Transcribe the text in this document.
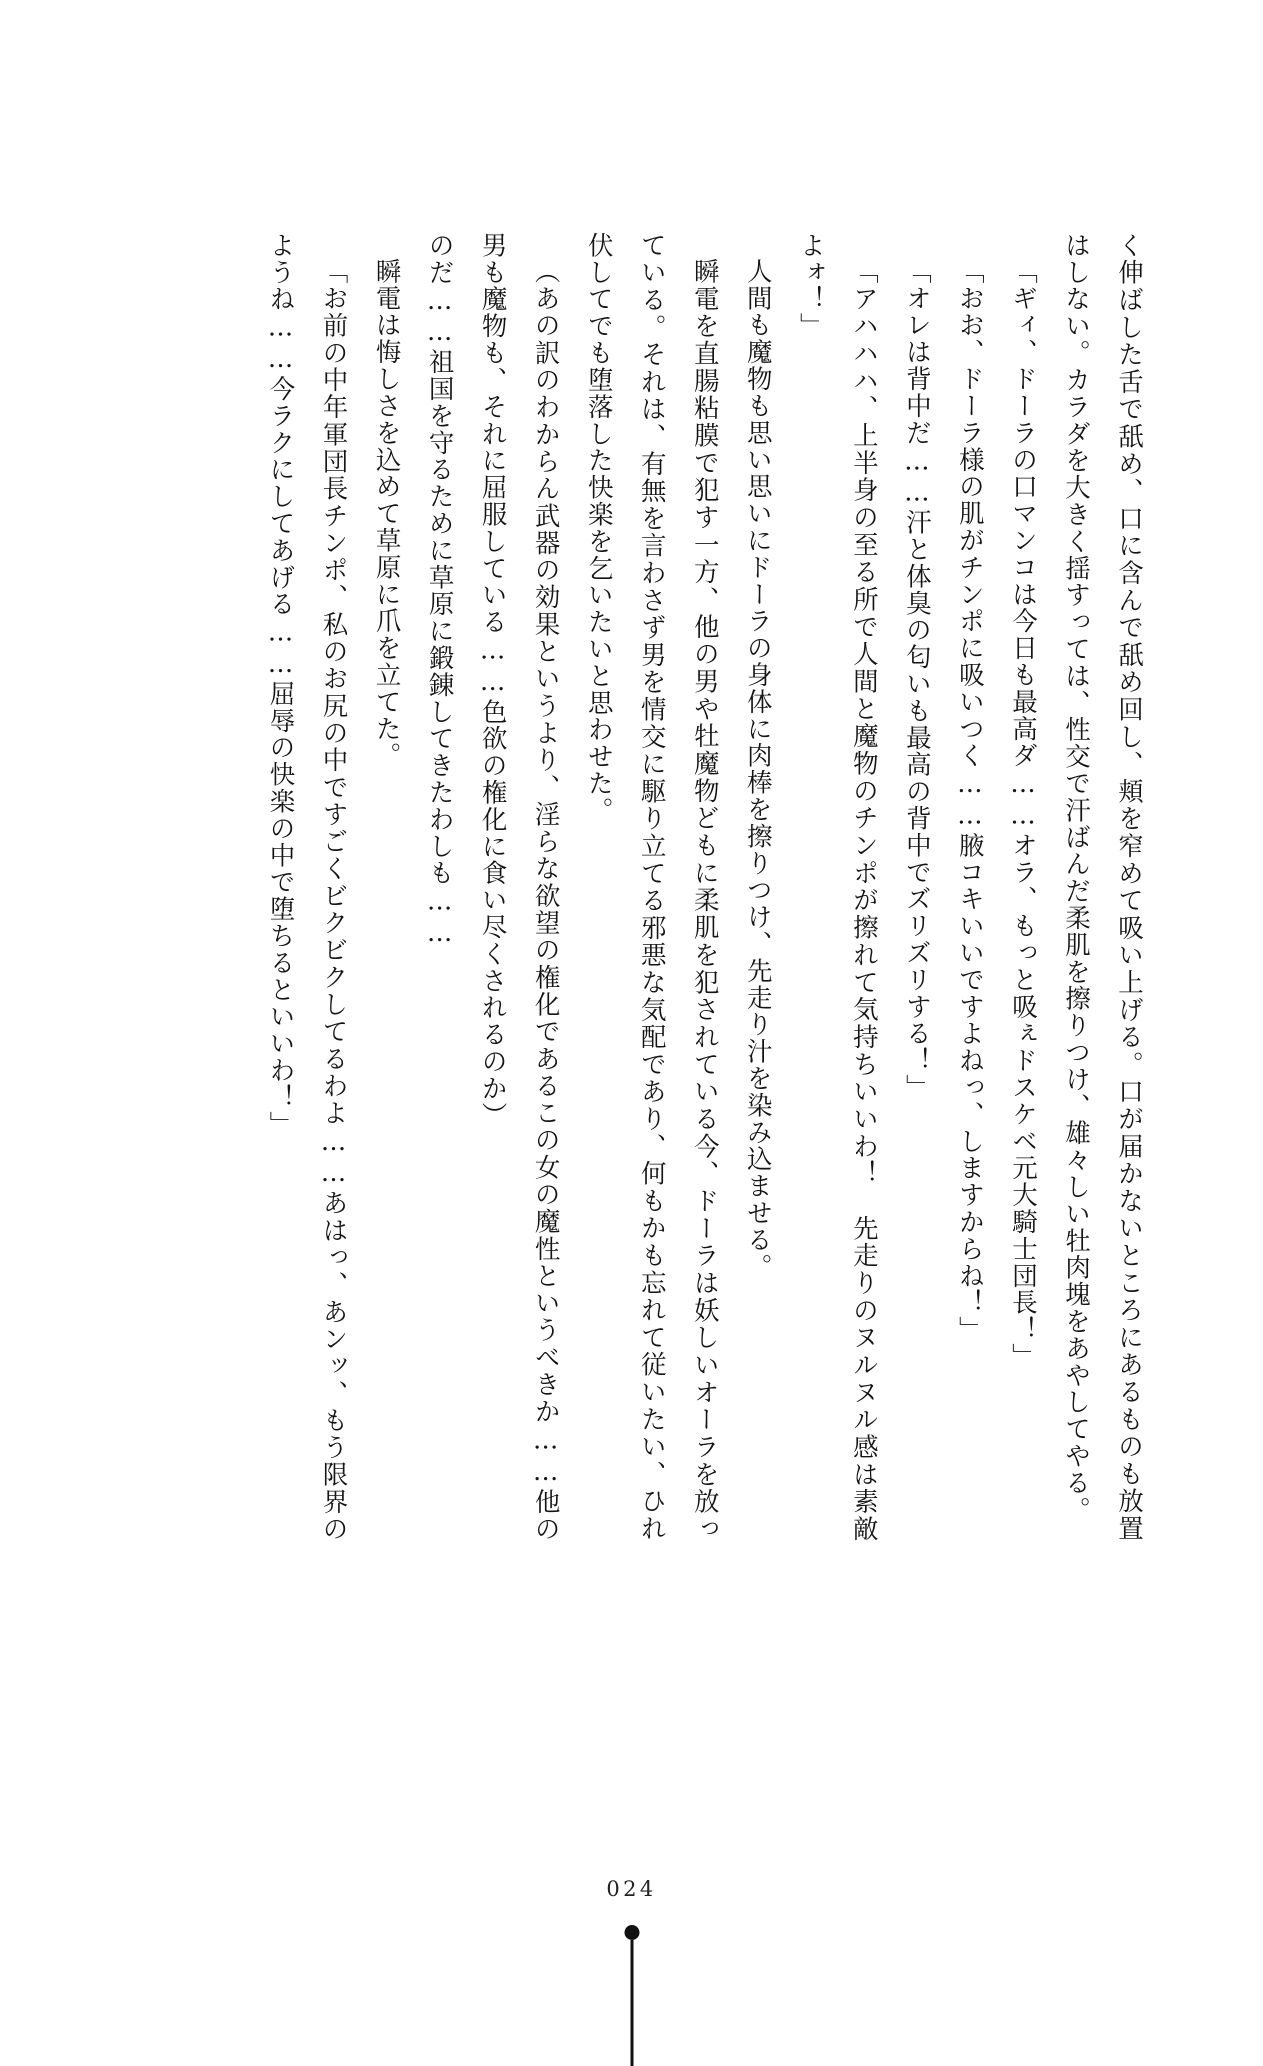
く伸ばした舌で舐め、口に含んで舐め回し、頬を窄めて吸い上げる。口が届かないところにあるものも放置はしない。カラダを大きく揺すっては、性交で汗ばんだ柔肌を擦りつけ、雄々しい牡肉塊をあやしてやる。

「ギィ、ドーラの口マンコは今日も最高ダ……オラ、もっと吸ぇドスケベ元大騎士団長！」

「おお、ドーラ様の肌がチンポに吸いつく……腋コキいいですよねっ、しますからね！」

「オレは背中だ……汗と体臭の匂いも最高の背中でズリズリする！」

「アハハハ、上半身の至る所で人間と魔物のチンポが擦れて気持ちいいわ！　先走りのヌルヌル感は素敵よォ！」

人間も魔物も思い思いにドーラの身体に肉棒を擦りつけ、先走り汁を染み込ませる。

瞬電を直腸粘膜で犯す一方、他の男や牡魔物どもに柔肌を犯されている今、ドーラは妖しいオーラを放っている。それは、有無を言わさず男を情交に駆り立てる邪悪な気配であり、何もかも忘れて従いたい、ひれ伏してでも堕落した快楽を乞いたいと思わせた。

（あの訳のわからん武器の効果というより、淫らな欲望の権化であるこの女の魔性というべきか……他の男も魔物も、それに屈服している……色欲の権化に食い尽くされるのか）

のだ……祖国を守るために草原に鍛錬してきたわしも……

瞬電は悔しさを込めて草原に爪を立てた。

「お前の中年軍団長チンポ、私のお尻の中ですごくビクビクしてるわよ……あはっ、あンッ、もう限界のようね……今ラクにしてあげる……屈辱の快楽の中で堕ちるといいわ！」

024
